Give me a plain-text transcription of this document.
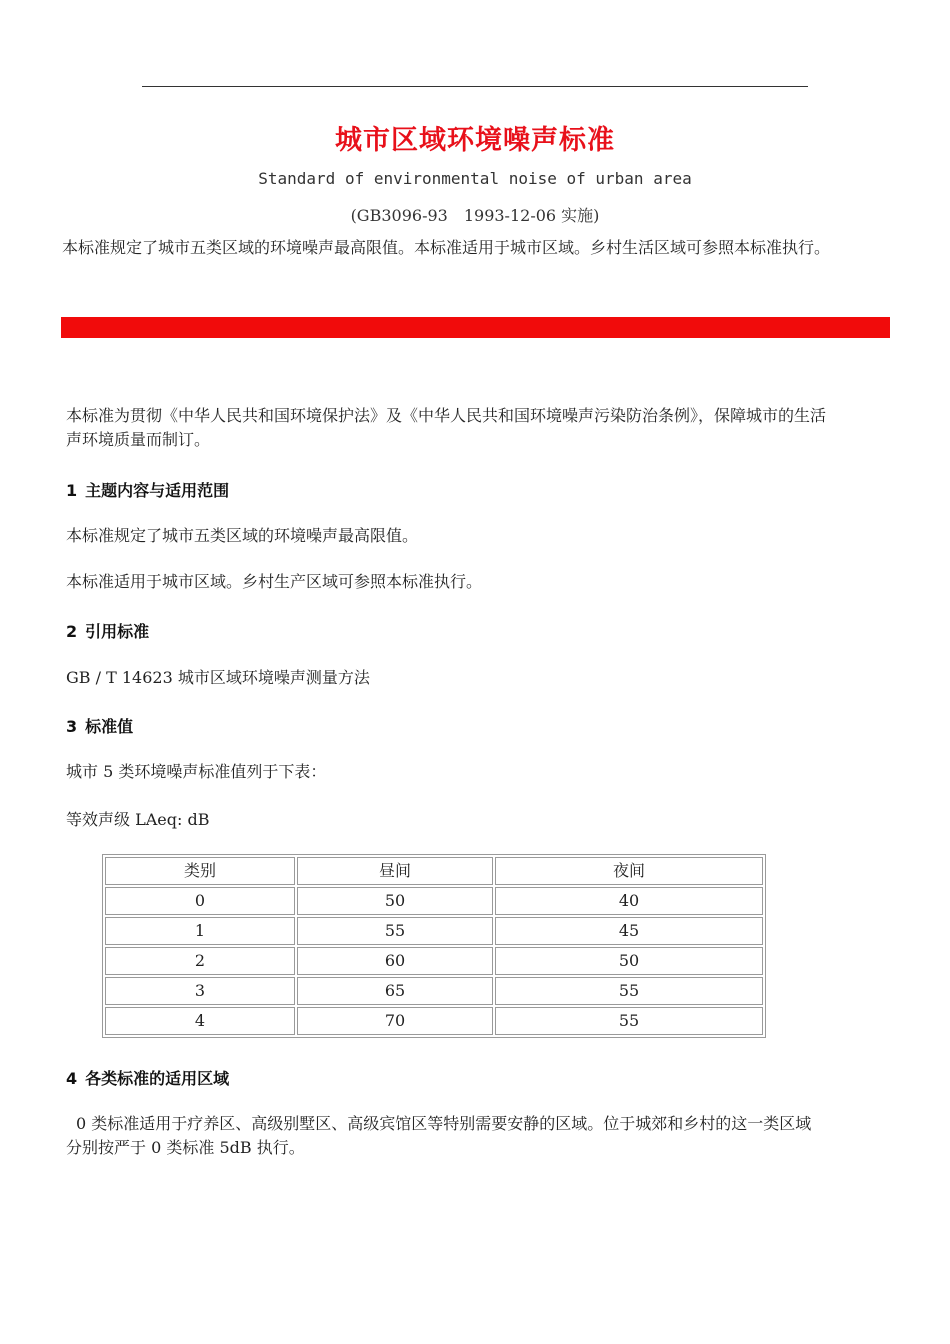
城市区域环境噪声标准
Standard of environmental noise of urban area
(GB3096-93　1993-12-06 实施)
本标准规定了城市五类区域的环境噪声最高限值。本标准适用于城市区域。乡村生活区域可参照本标准执行。
本标准为贯彻《中华人民共和国环境保护法》及《中华人民共和国环境噪声污染防治条例》，保障城市的生活声环境质量而制订。
1 主题内容与适用范围
本标准规定了城市五类区域的环境噪声最高限值。
本标准适用于城市区域。乡村生产区域可参照本标准执行。
2 引用标准
GB / T 14623 城市区域环境噪声测量方法
3 标准值
城市 5 类环境噪声标准值列于下表：
等效声级 LAeq: dB
类别	昼间	夜间
0	50	40
1	55	45
2	60	50
3	65	55
4	70	55
4 各类标准的适用区域
0 类标准适用于疗养区、高级别墅区、高级宾馆区等特别需要安静的区域。位于城郊和乡村的这一类区域分别按严于 0 类标准 5dB 执行。
